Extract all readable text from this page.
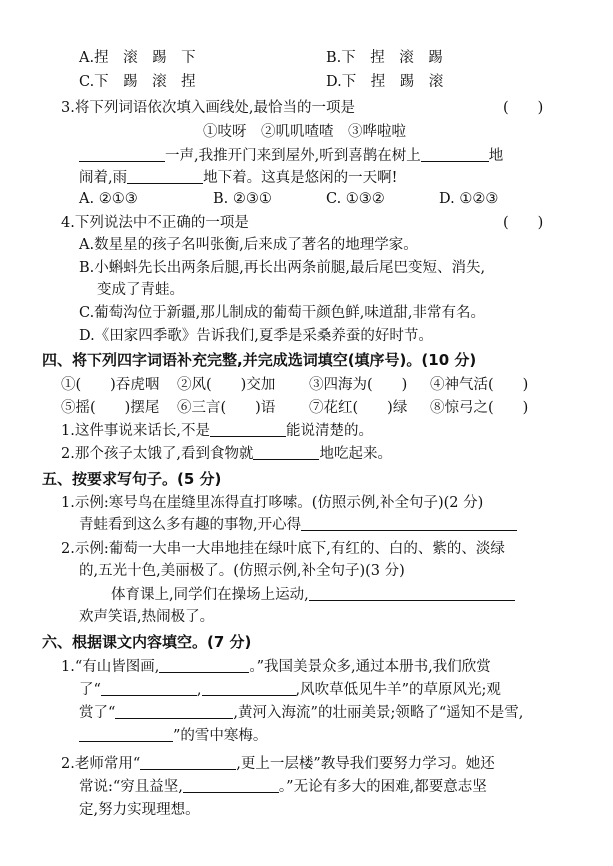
A.捏　滚　踢　下	B.下　捏　滚　踢
C.下　踢　滚　捏	D.下　捏　踢　滚
3.将下列词语依次填入画线处,最恰当的一项是	(　　)
①吱呀　②叽叽喳喳　③哗啦啦
一声,我推开门来到屋外,听到喜鹊在树上	地
闹着,雨	地下着。这真是悠闲的一天啊!
A. ②①③	B. ②③①	C. ①③②	D. ①②③
4.下列说法中不正确的一项是	(　　)
A.数星星的孩子名叫张衡,后来成了著名的地理学家。
B.小蝌蚪先长出两条后腿,再长出两条前腿,最后尾巴变短、消失,
变成了青蛙。
C.葡萄沟位于新疆,那儿制成的葡萄干颜色鲜,味道甜,非常有名。
D.《田家四季歌》告诉我们,夏季是采桑养蚕的好时节。
四、将下列四字词语补充完整,并完成选词填空(填序号)。(10 分)
①(　　)吞虎咽 ②风(　　)交加 ③四海为(　　) ④神气活(　　)
⑤摇(　　)摆尾 ⑥三言(　　)语 ⑦花红(　　)绿 ⑧惊弓之(　　)
1.这件事说来话长,不是	能说清楚的。
2.那个孩子太饿了,看到食物就	地吃起来。
五、按要求写句子。(5 分)
1.示例:寒号鸟在崖缝里冻得直打哆嗦。(仿照示例,补全句子)(2 分)
青蛙看到这么多有趣的事物,开心得
2.示例:葡萄一大串一大串地挂在绿叶底下,有红的、白的、紫的、淡绿
的,五光十色,美丽极了。(仿照示例,补全句子)(3 分)
体育课上,同学们在操场上运动,
欢声笑语,热闹极了。
六、根据课文内容填空。(7 分)
1.“有山皆图画,	。”我国美景众多,通过本册书,我们欣赏
了“	,	,风吹草低见牛羊”的草原风光;观
赏了“	,黄河入海流”的壮丽美景;领略了“遥知不是雪,
”的雪中寒梅。
2.老师常用“	,更上一层楼”教导我们要努力学习。她还
常说:“穷且益坚,	。”无论有多大的困难,都要意志坚
定,努力实现理想。
